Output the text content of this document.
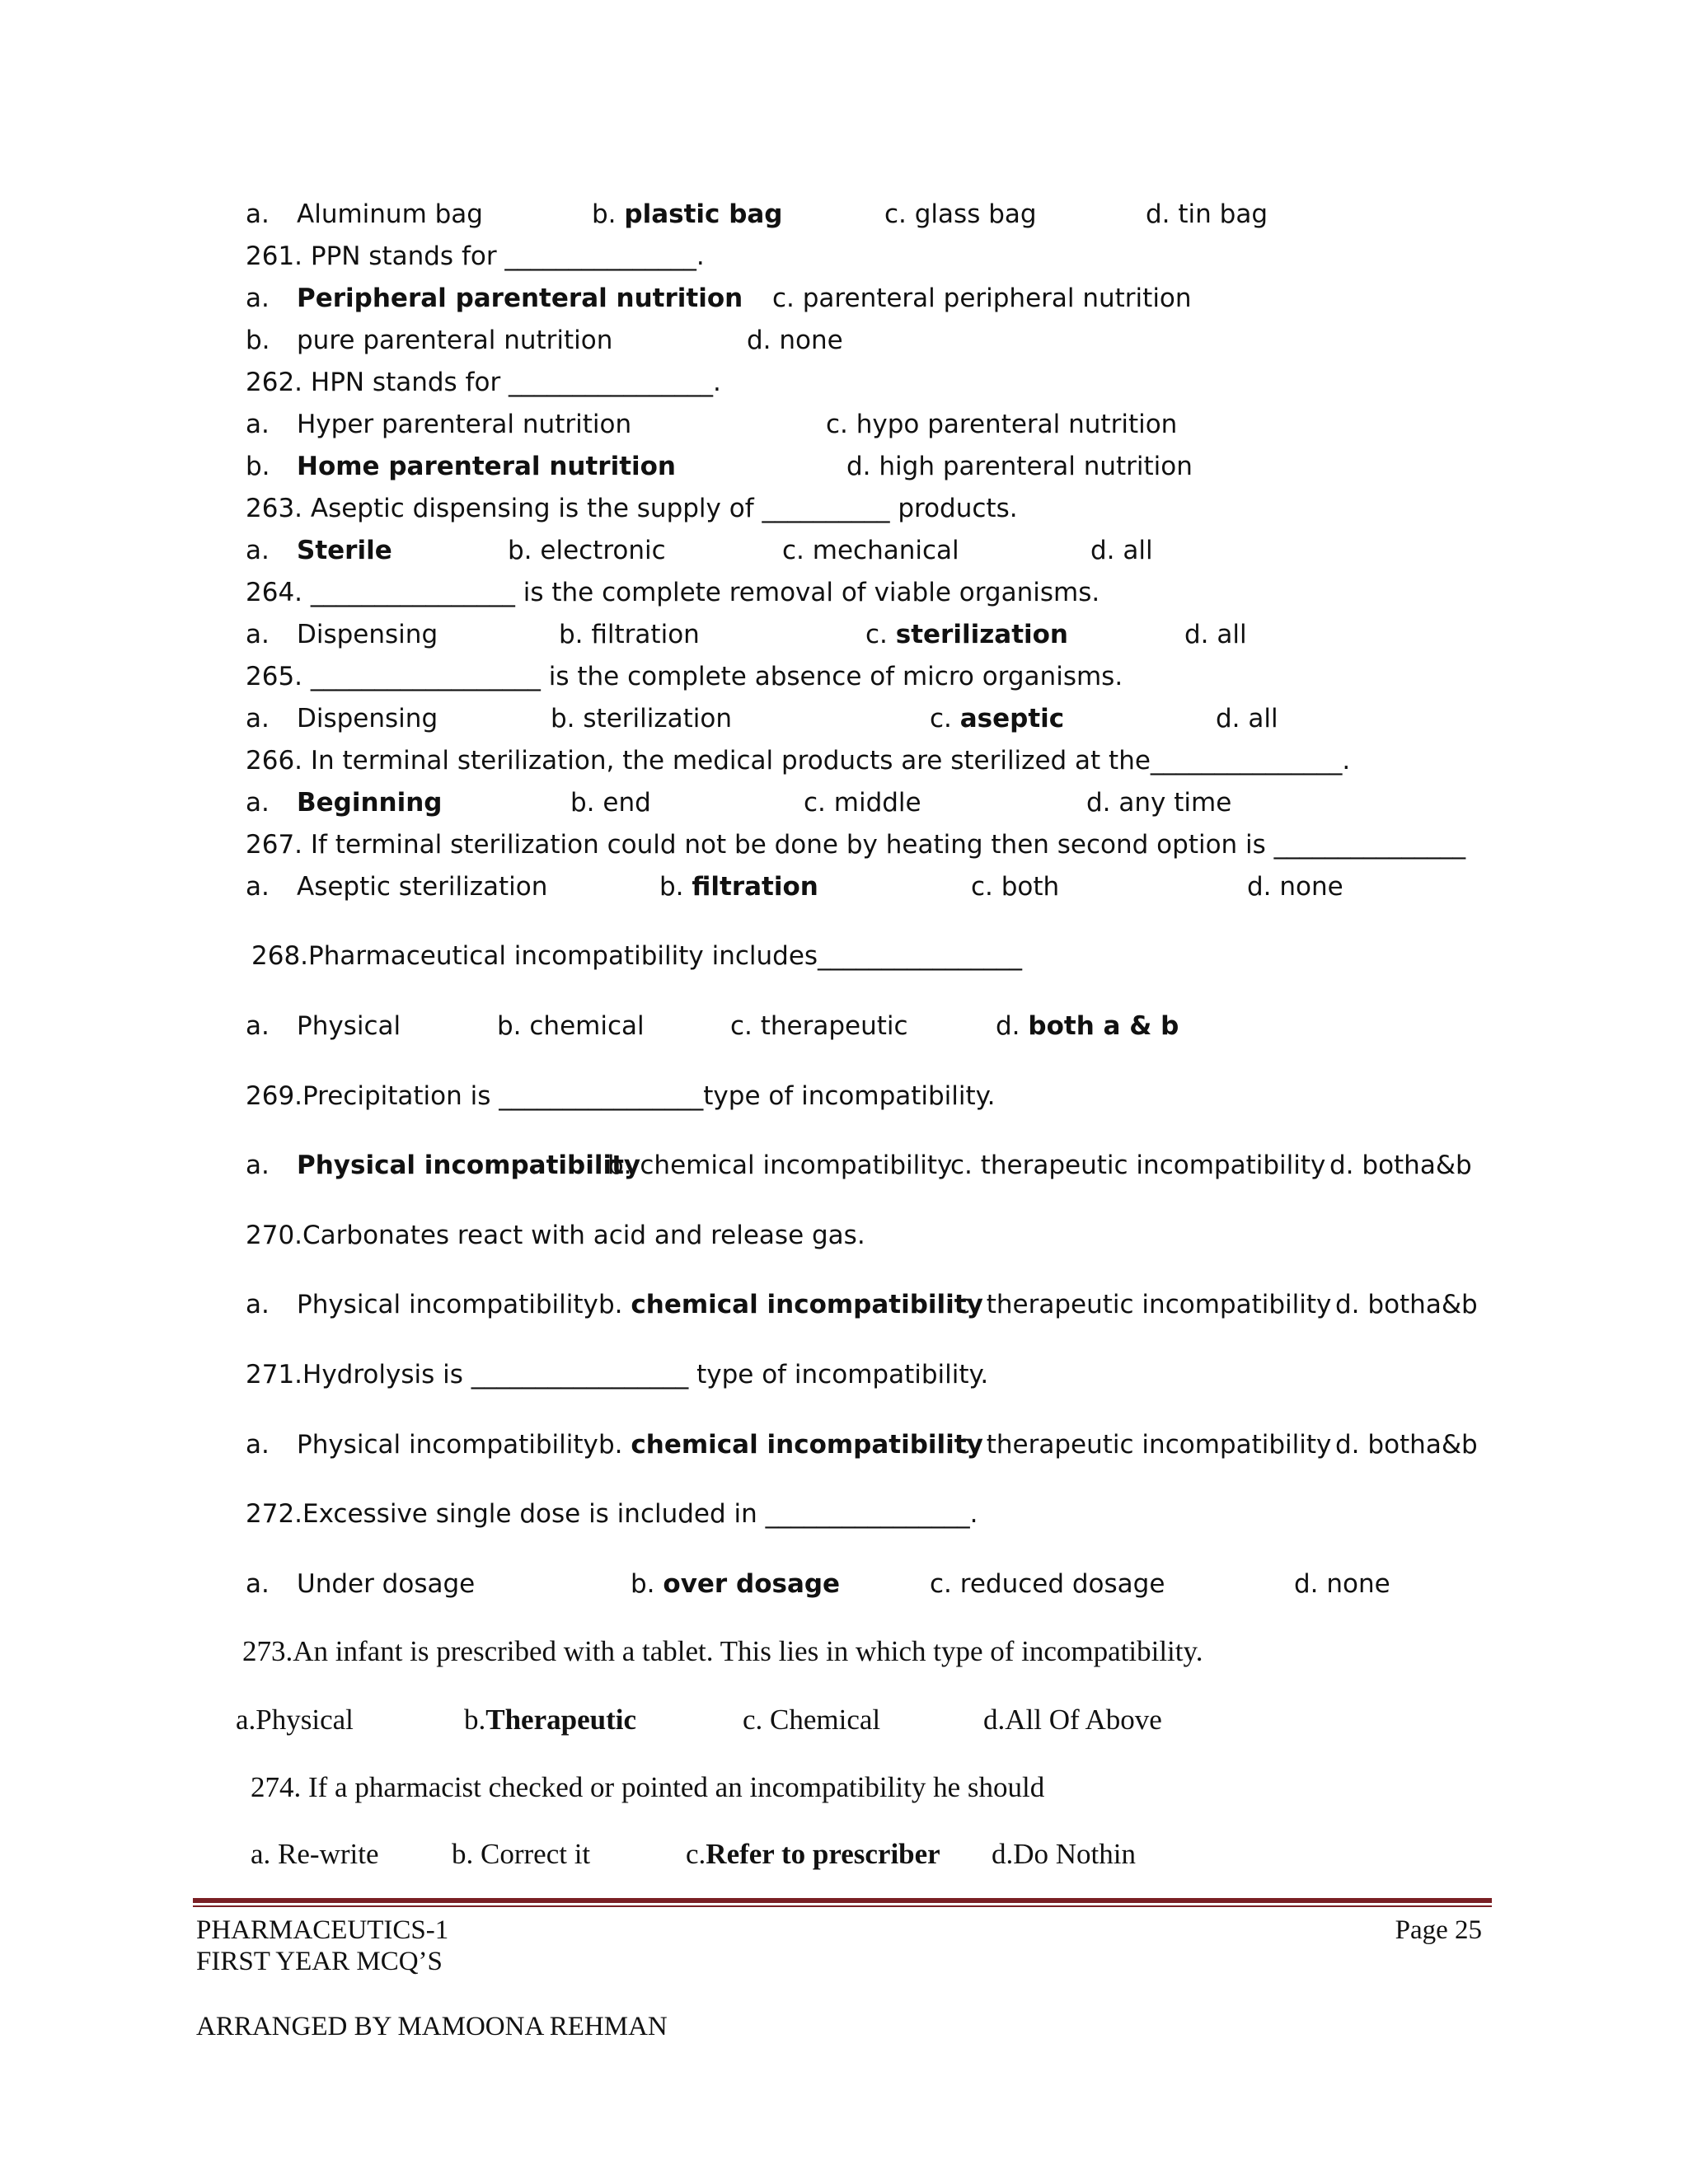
a. Aluminum bag	b. plastic bag	c. glass bag	d. tin bag
261. PPN stands for _______________.
a. Peripheral parenteral nutrition c. parenteral peripheral nutrition
b. pure parenteral nutrition	d. none
262. HPN stands for ________________.
a. Hyper parenteral nutrition	c. hypo parenteral nutrition
b. Home parenteral nutrition	d. high parenteral nutrition
263. Aseptic dispensing is the supply of __________ products.
a. Sterile	b. electronic	c. mechanical	d. all
264. ________________ is the complete removal of viable organisms.
a. Dispensing	b. filtration	c. sterilization	d. all
265. __________________ is the complete absence of micro organisms.
a. Dispensing	b. sterilization	c. aseptic	d. all
266. In terminal sterilization, the medical products are sterilized at the_______________.
a. Beginning	b. end	c. middle	d. any time
267. If terminal sterilization could not be done by heating then second option is _______________
a. Aseptic sterilization	b. filtration	c. both	d. none
268.Pharmaceutical incompatibility includes________________
a. Physical	b. chemical	c. therapeutic	d. both a & b
269.Precipitation is ________________type of incompatibility.
a. Physical incompatibility
b. chemical incompatibility
c. therapeutic incompatibility d. botha&b
270.Carbonates react with acid and release gas.
a. Physical incompatibility b. chemical incompatibility
c. therapeutic incompatibility d. botha&b
271.Hydrolysis is _________________ type of incompatibility.
a. Physical incompatibility b. chemical incompatibility
c. therapeutic incompatibility d. botha&b
272.Excessive single dose is included in ________________.
a. Under dosage	b. over dosage	c. reduced dosage	d. none
273.An infant is prescribed with a tablet. This lies in which type of incompatibility.
a.Physical	b.Therapeutic	c. Chemical	d.All Of Above
274. If a pharmacist checked or pointed an incompatibility he should
a. Re-write	b. Correct it	c.Refer to prescriber d.Do Nothin
PHARMACEUTICS-1
FIRST YEAR MCQ’S
Page 25
ARRANGED BY MAMOONA REHMAN
